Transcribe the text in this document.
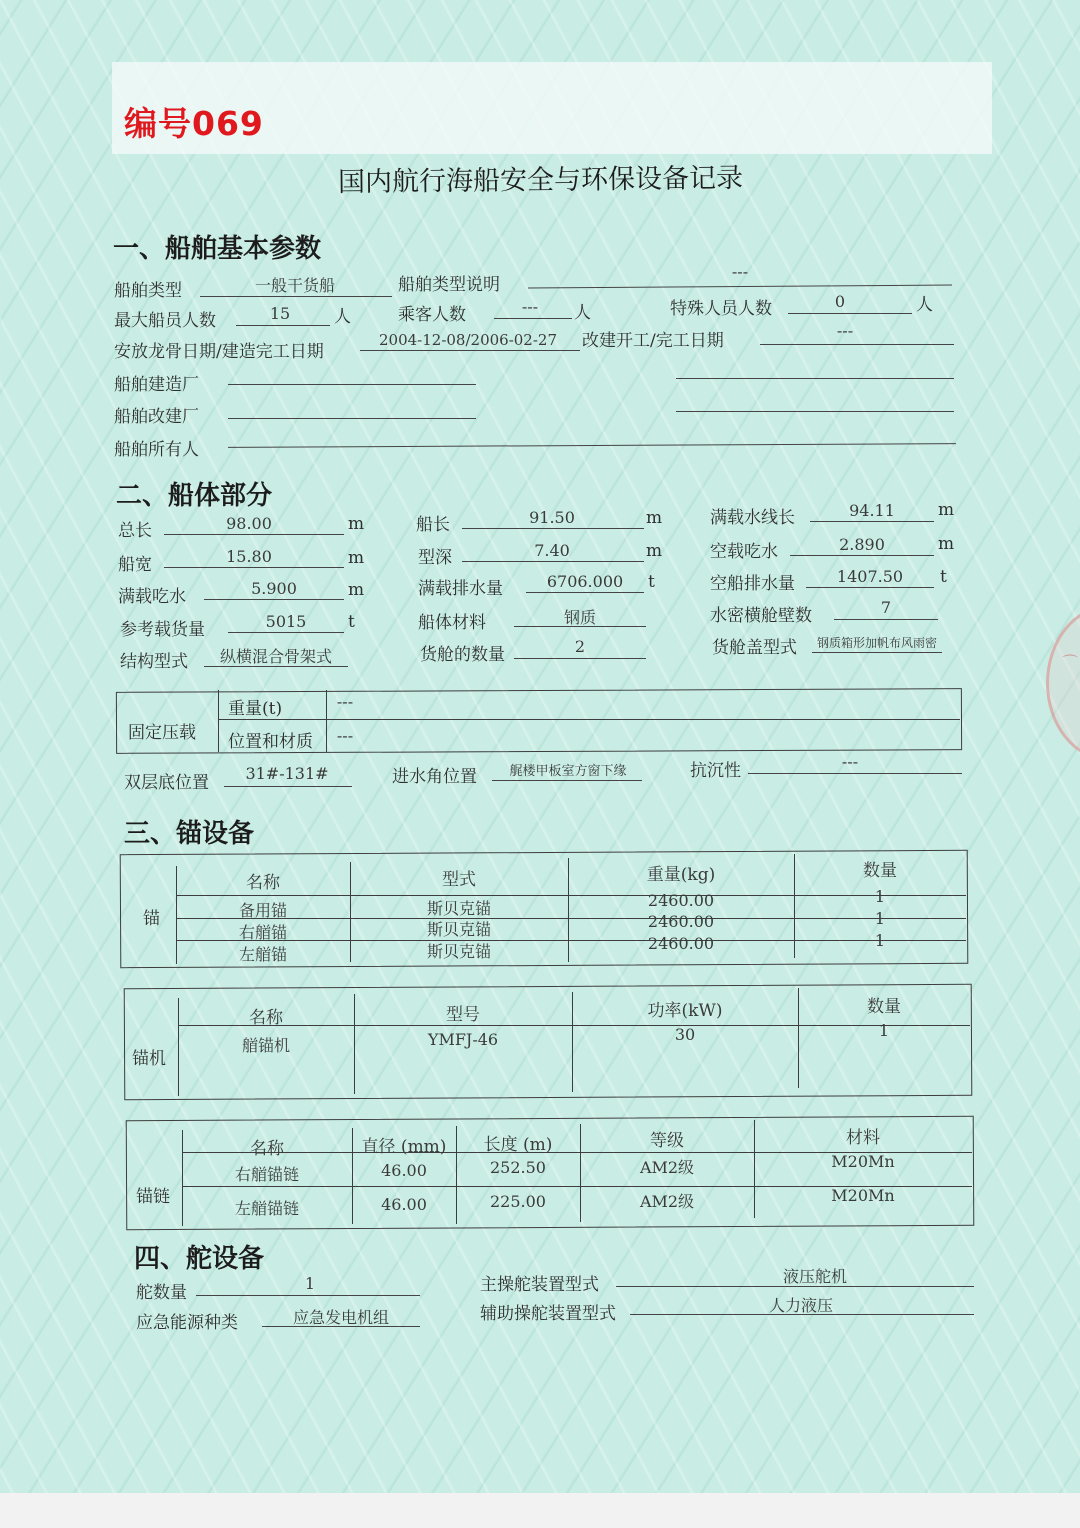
⌒
编号069
国内航行海船安全与环保设备记录
一、船舶基本参数
船舶类型	一般干货船	船舶类型说明
---
最大船员人数	15	人	乘客人数	---	人	特殊人员人数	0	人
安放龙骨日期/建造完工日期
2004-12-08/2006-02-27	改建开工/完工日期
---
船舶建造厂
船舶改建厂
船舶所有人
二、船体部分
总长	98.00	m	船长	91.50	m	满载水线长	94.11	m
船宽	15.80	m	型深	7.40	m	空载吃水	2.890	m
满载吃水	5.900	m	满载排水量	6706.000	t	空船排水量	1407.50	t
参考载货量	5015	t	船体材料	钢质	水密横舱壁数	7
结构型式	纵横混合骨架式	货舱的数量	2	货舱盖型式	钢质箱形加帆布风雨密
固定压载
重量(t)	---
位置和材质	---
双层底位置	31#-131#	进水角位置	艉楼甲板室方窗下缘	抗沉性	---
三、锚设备
锚
名称	型式	重量(kg)	数量
备用锚	斯贝克锚	2460.00	1
右艏锚	斯贝克锚	2460.00	1
左艏锚	斯贝克锚	2460.00	1
锚机
名称	型号	功率(kW)	数量
艏锚机	YMFJ-46	30	1
锚链
名称	直径 (mm)	长度 (m)	等级	材料
右艏锚链	46.00	252.50	AM2级	M20Mn
左艏锚链	46.00	225.00	AM2级	M20Mn
四、舵设备
舵数量	1	主操舵装置型式	液压舵机
应急能源种类	应急发电机组	辅助操舵装置型式	人力液压
